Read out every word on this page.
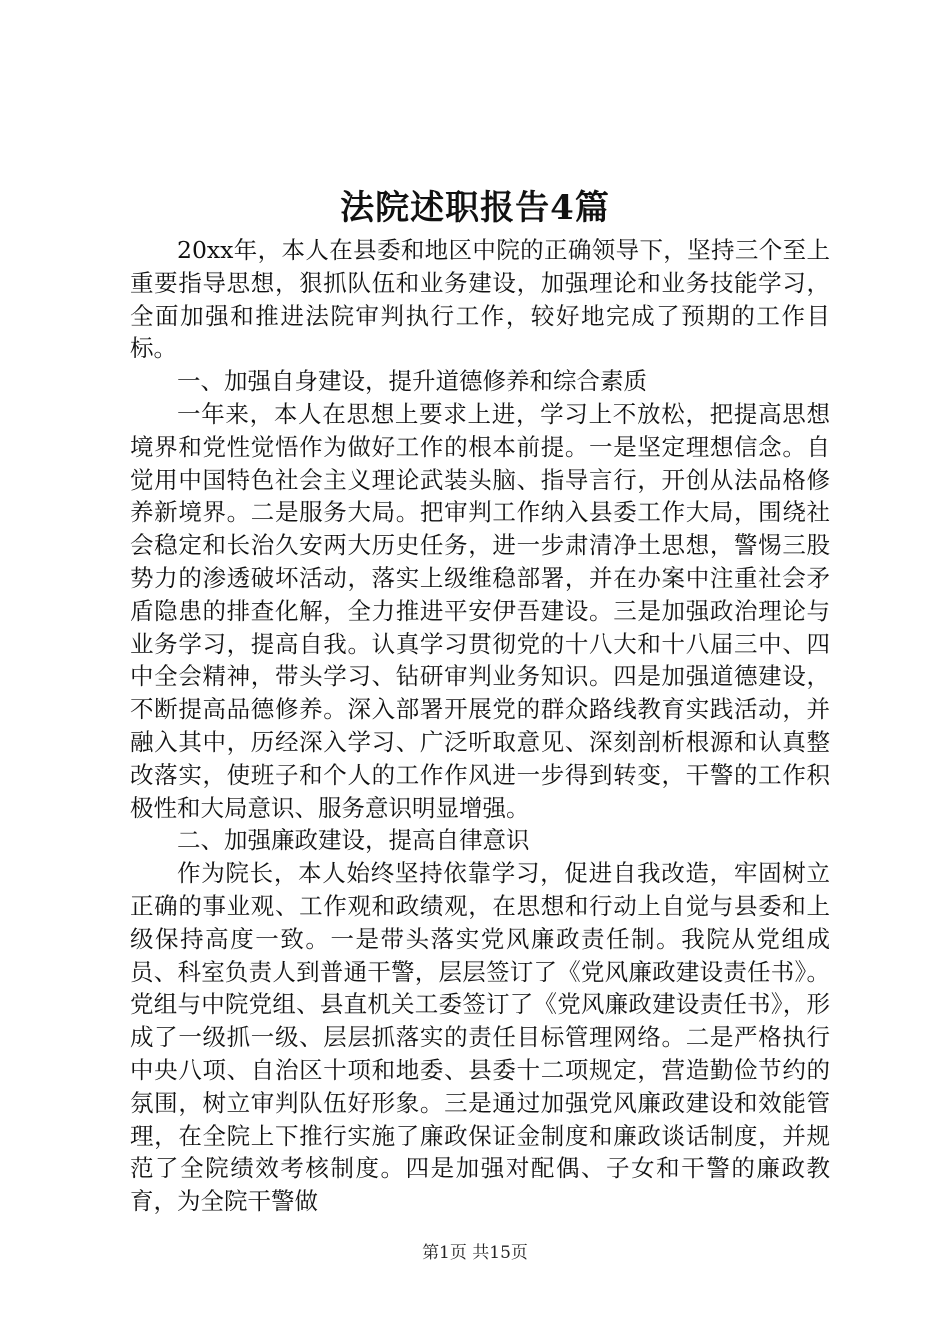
法院述职报告4篇

20xx年，本人在县委和地区中院的正确领导下，坚持三个至上重要指导思想，狠抓队伍和业务建设，加强理论和业务技能学习，全面加强和推进法院审判执行工作，较好地完成了预期的工作目标。

一、加强自身建设，提升道德修养和综合素质

一年来，本人在思想上要求上进，学习上不放松，把提高思想境界和党性觉悟作为做好工作的根本前提。一是坚定理想信念。自觉用中国特色社会主义理论武装头脑、指导言行，开创从法品格修养新境界。二是服务大局。把审判工作纳入县委工作大局，围绕社会稳定和长治久安两大历史任务，进一步肃清净土思想，警惕三股势力的渗透破坏活动，落实上级维稳部署，并在办案中注重社会矛盾隐患的排查化解，全力推进平安伊吾建设。三是加强政治理论与业务学习，提高自我。认真学习贯彻党的十八大和十八届三中、四中全会精神，带头学习、钻研审判业务知识。四是加强道德建设，不断提高品德修养。深入部署开展党的群众路线教育实践活动，并融入其中，历经深入学习、广泛听取意见、深刻剖析根源和认真整改落实，使班子和个人的工作作风进一步得到转变，干警的工作积极性和大局意识、服务意识明显增强。

二、加强廉政建设，提高自律意识

作为院长，本人始终坚持依靠学习，促进自我改造，牢固树立正确的事业观、工作观和政绩观，在思想和行动上自觉与县委和上级保持高度一致。一是带头落实党风廉政责任制。我院从党组成员、科室负责人到普通干警，层层签订了《党风廉政建设责任书》。党组与中院党组、县直机关工委签订了《党风廉政建设责任书》，形成了一级抓一级、层层抓落实的责任目标管理网络。二是严格执行中央八项、自治区十项和地委、县委十二项规定，营造勤俭节约的氛围，树立审判队伍好形象。三是通过加强党风廉政建设和效能管理，在全院上下推行实施了廉政保证金制度和廉政谈话制度，并规范了全院绩效考核制度。四是加强对配偶、子女和干警的廉政教育，为全院干警做

第1页 共15页
